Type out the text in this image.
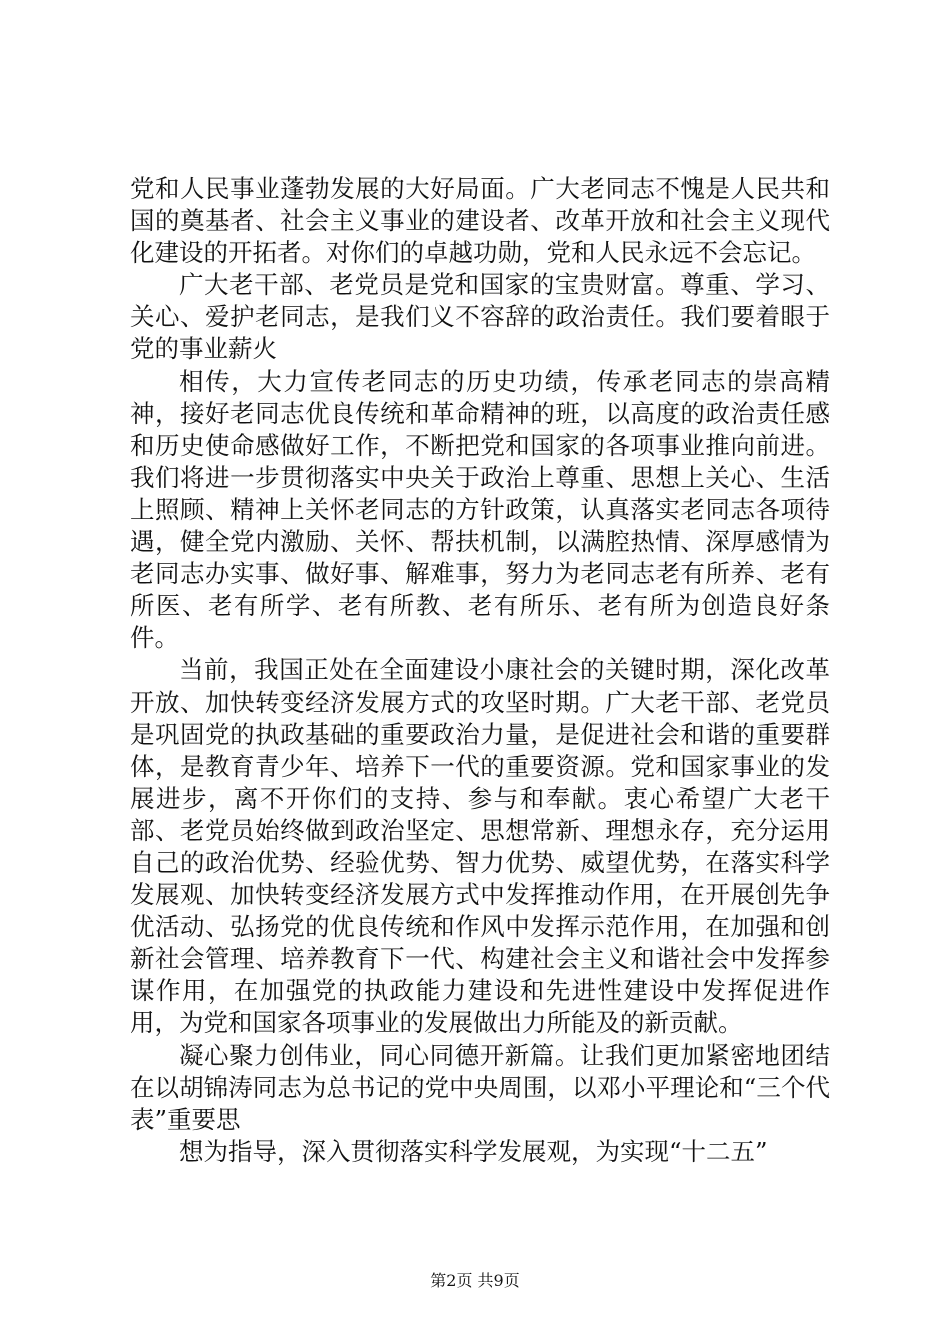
党和人民事业蓬勃发展的大好局面。广大老同志不愧是人民共和国的奠基者、社会主义事业的建设者、改革开放和社会主义现代化建设的开拓者。对你们的卓越功勋，党和人民永远不会忘记。

广大老干部、老党员是党和国家的宝贵财富。尊重、学习、关心、爱护老同志，是我们义不容辞的政治责任。我们要着眼于党的事业薪火

相传，大力宣传老同志的历史功绩，传承老同志的崇高精神，接好老同志优良传统和革命精神的班，以高度的政治责任感和历史使命感做好工作，不断把党和国家的各项事业推向前进。我们将进一步贯彻落实中央关于政治上尊重、思想上关心、生活上照顾、精神上关怀老同志的方针政策，认真落实老同志各项待遇，健全党内激励、关怀、帮扶机制，以满腔热情、深厚感情为老同志办实事、做好事、解难事，努力为老同志老有所养、老有所医、老有所学、老有所教、老有所乐、老有所为创造良好条件。

当前，我国正处在全面建设小康社会的关键时期，深化改革开放、加快转变经济发展方式的攻坚时期。广大老干部、老党员是巩固党的执政基础的重要政治力量，是促进社会和谐的重要群体，是教育青少年、培养下一代的重要资源。党和国家事业的发展进步，离不开你们的支持、参与和奉献。衷心希望广大老干部、老党员始终做到政治坚定、思想常新、理想永存，充分运用自己的政治优势、经验优势、智力优势、威望优势，在落实科学发展观、加快转变经济发展方式中发挥推动作用，在开展创先争优活动、弘扬党的优良传统和作风中发挥示范作用，在加强和创新社会管理、培养教育下一代、构建社会主义和谐社会中发挥参谋作用，在加强党的执政能力建设和先进性建设中发挥促进作用，为党和国家各项事业的发展做出力所能及的新贡献。

凝心聚力创伟业，同心同德开新篇。让我们更加紧密地团结在以胡锦涛同志为总书记的党中央周围，以邓小平理论和“三个代表”重要思

想为指导，深入贯彻落实科学发展观，为实现“十二五”

第2页 共9页
